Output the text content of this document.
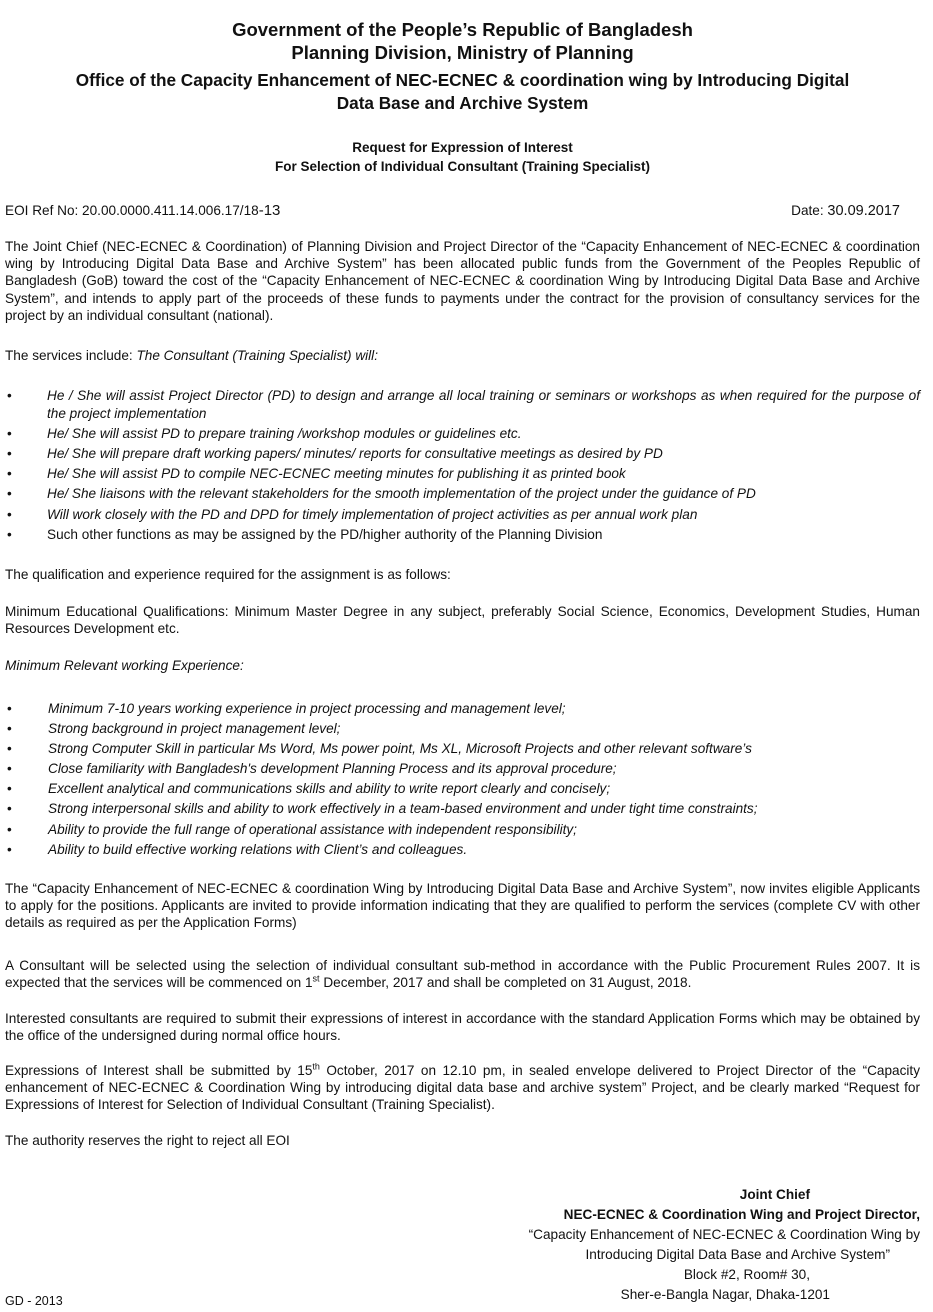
Government of the People’s Republic of Bangladesh
Planning Division, Ministry of Planning
Office of the Capacity Enhancement of NEC-ECNEC & coordination wing by Introducing Digital
Data Base and Archive System
Request for Expression of Interest
For Selection of Individual Consultant (Training Specialist)
EOI Ref No: 20.00.0000.411.14.006.17/18-13	Date: 30.09.2017

The Joint Chief (NEC-ECNEC & Coordination) of Planning Division and Project Director of the “Capacity Enhancement of NEC-ECNEC & coordination wing by Introducing Digital Data Base and Archive System” has been allocated public funds from the Government of the Peoples Republic of Bangladesh (GoB) toward the cost of the “Capacity Enhancement of NEC-ECNEC & coordination Wing by Introducing Digital Data Base and Archive System”, and intends to apply part of the proceeds of these funds to payments under the contract for the provision of consultancy services for the project by an individual consultant (national).

The services include: The Consultant (Training Specialist) will:
•	He / She will assist Project Director (PD) to design and arrange all local training or seminars or workshops as when required for the purpose of the project implementation
•	He/ She will assist PD to prepare training /workshop modules or guidelines etc.
•	He/ She will prepare draft working papers/ minutes/ reports for consultative meetings as desired by PD
•	He/ She will assist PD to compile NEC-ECNEC meeting minutes for publishing it as printed book
•	He/ She liaisons with the relevant stakeholders for the smooth implementation of the project under the guidance of PD
•	Will work closely with the PD and DPD for timely implementation of project activities as per annual work plan
•	Such other functions as may be assigned by the PD/higher authority of the Planning Division
The qualification and experience required for the assignment is as follows:

Minimum Educational Qualifications: Minimum Master Degree in any subject, preferably Social Science, Economics, Development Studies, Human Resources Development etc.

Minimum Relevant working Experience:
•	Minimum 7-10 years working experience in project processing and management level;
•	Strong background in project management level;
•	Strong Computer Skill in particular Ms Word, Ms power point, Ms XL, Microsoft Projects and other relevant software’s
•	Close familiarity with Bangladesh's development Planning Process and its approval procedure;
•	Excellent analytical and communications skills and ability to write report clearly and concisely;
•	Strong interpersonal skills and ability to work effectively in a team-based environment and under tight time constraints;
•	Ability to provide the full range of operational assistance with independent responsibility;
•	Ability to build effective working relations with Client’s and colleagues.

The “Capacity Enhancement of NEC-ECNEC & coordination Wing by Introducing Digital Data Base and Archive System”, now invites eligible Applicants to apply for the positions. Applicants are invited to provide information indicating that they are qualified to perform the services (complete CV with other details as required as per the Application Forms)

A Consultant will be selected using the selection of individual consultant sub-method in accordance with the Public Procurement Rules 2007. It is expected that the services will be commenced on 1st December, 2017 and shall be completed on 31 August, 2018.

Interested consultants are required to submit their expressions of interest in accordance with the standard Application Forms which may be obtained by the office of the undersigned during normal office hours.

Expressions of Interest shall be submitted by 15th October, 2017 on 12.10 pm, in sealed envelope delivered to Project Director of the “Capacity enhancement of NEC-ECNEC & Coordination Wing by introducing digital data base and archive system” Project, and be clearly marked “Request for Expressions of Interest for Selection of Individual Consultant (Training Specialist).

The authority reserves the right to reject all EOI
Joint Chief
NEC-ECNEC & Coordination Wing and Project Director,
“Capacity Enhancement of NEC-ECNEC & Coordination Wing by
Introducing Digital Data Base and Archive System”
Block #2, Room# 30,
Sher-e-Bangla Nagar, Dhaka-1201
GD - 2013
